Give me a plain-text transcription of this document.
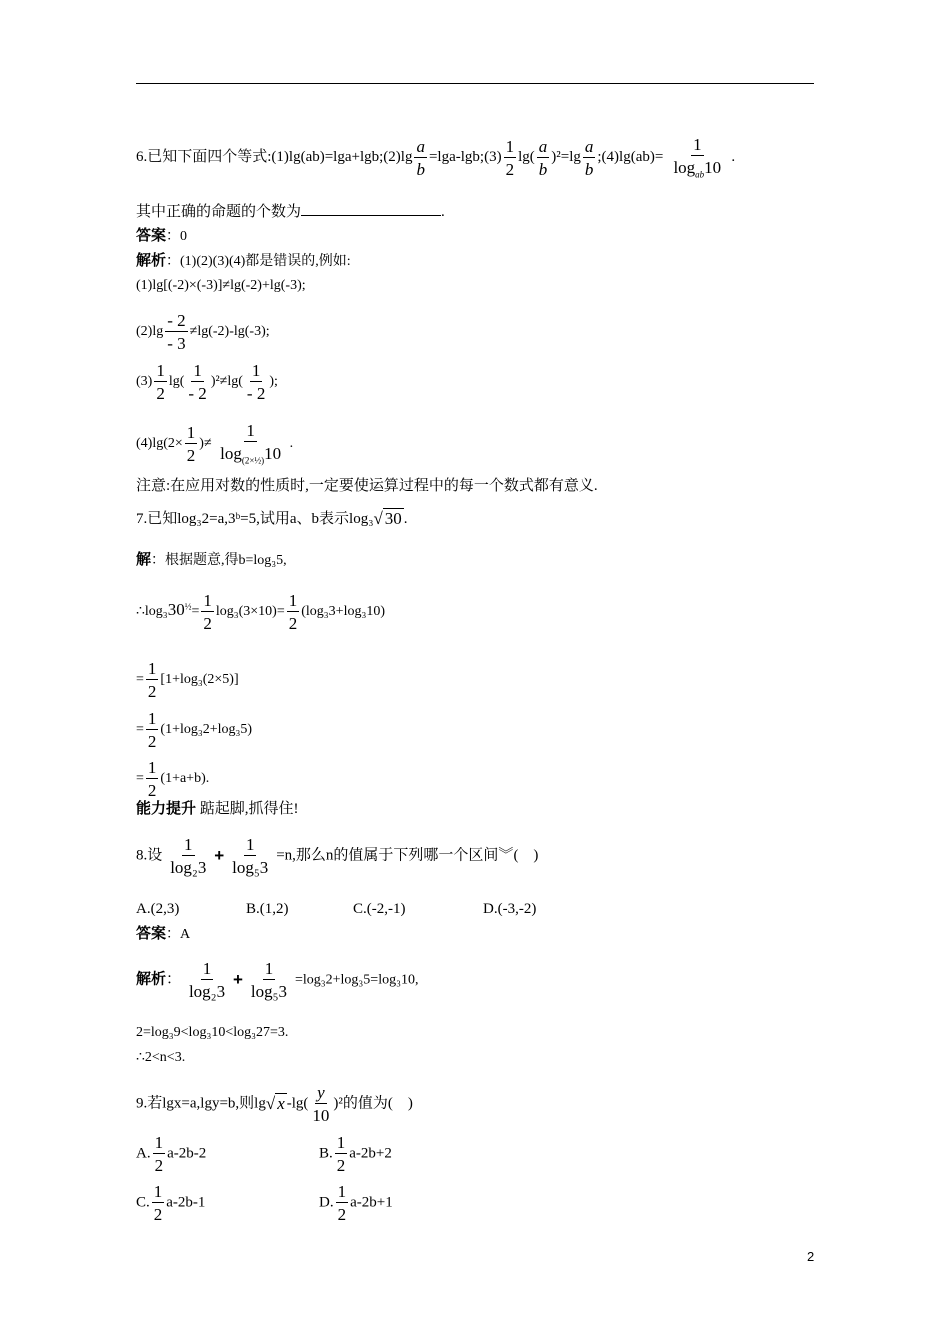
6.已知下面四个等式:(1)lg(ab)=lga+lgb;(2)lg $\frac{a}{b}$ =lga-lgb;(3) $\frac{1}{2} \lg( \frac{a}{b} )^2=\lg \frac{a}{b}$ ;(4)lg(ab)= $\frac{1}{\log_{ab}10}$ .
其中正确的命题的个数为	.
答案：0
解析：(1)(2)(3)(4)都是错误的,例如:
(1)lg[(-2)×(-3)]≠lg(-2)+lg(-3);
$(2)\lg \frac{- 2}{- 3} \ne\lg(-2)-\lg(-3)$;
$(3) \frac{1}{2} \lg( \frac{1}{- 2} )^2\ne\lg( \frac{1}{- 2}$ );
$(4)\lg(2\times \frac{1}{2}$ )≠ $\frac{1}{\log_{(2\times\frac{1}{2})}10}$ .
注意:在应用对数的性质时,一定要使运算过程中的每一个数式都有意义.
7.已知log₃2=a,3ᵇ=5,试用a、b表示log₃√ 30 .
解：根据题意,得b=log₃5,
$\therefore\log_330^{\frac{1}{2}}= \frac{1}{2} \log_3(3\times 10)= \frac{1}{2} (\log_33+\log_310)$
= $\frac{1}{2} [1+\log_3(2\times 5)]$
= $\frac{1}{2} (1+\log_32+\log_35)$
= $\frac{1}{2} (1+a+b)$.
能力提升 踮起脚,抓得住!
8.设 $\frac{1}{\text{log₂3}} + \frac{1}{\text{log₅3}} =n$,那么n的值属于下列哪一个区间︾(　)
A.(2,3)	B.(1,2)	C.(-2,-1)	D.(-3,-2)
答案：A
解析： $\frac{1}{\text{log₂3}} + \frac{1}{\text{log₅3}} =\log_32+\log_35=\log_310$,
2=log₃9<log₃10<log₃27=3.
∴2<n<3.
9.若lgx=a,lgy=b,则lg√ x $-\lg( \frac{y}{10} )^2$的值为(　)
A. $\frac{1}{2} a-2b-2$	B. $\frac{1}{2} a-2b+2$
C. $\frac{1}{2} a-2b-1$	D. $\frac{1}{2} a-2b+1$
2
